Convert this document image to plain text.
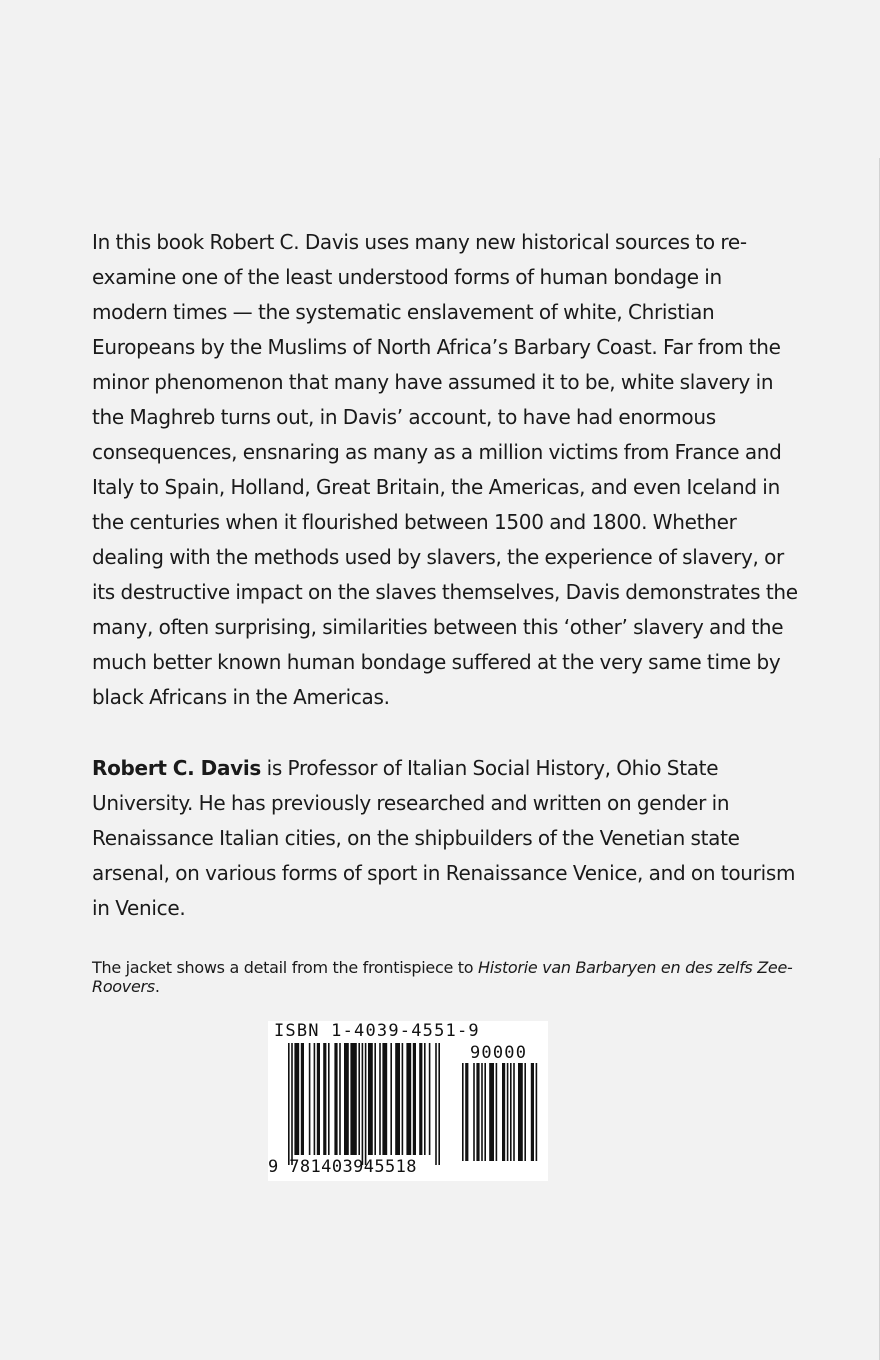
In this book Robert C. Davis uses many new historical sources to re-examine one of the least understood forms of human bondage in modern times — the systematic enslavement of white, Christian Europeans by the Muslims of North Africa’s Barbary Coast. Far from the minor phenomenon that many have assumed it to be, white slavery in the Maghreb turns out, in Davis’ account, to have had enormous consequences, ensnaring as many as a million victims from France and Italy to Spain, Holland, Great Britain, the Americas, and even Iceland in the centuries when it flourished between 1500 and 1800. Whether dealing with the methods used by slavers, the experience of slavery, or its destructive impact on the slaves themselves, Davis demonstrates the many, often surprising, similarities between this ‘other’ slavery and the much better known human bondage suffered at the very same time by black Africans in the Americas.

Robert C. Davis is Professor of Italian Social History, Ohio State University. He has previously researched and written on gender in Renaissance Italian cities, on the shipbuilders of the Venetian state arsenal, on various forms of sport in Renaissance Venice, and on tourism in Venice.

The jacket shows a detail from the frontispiece to Historie van Barbaryen en des zelfs Zee-Roovers.

ISBN 1-4039-4551-9
90000
9 781403945518
